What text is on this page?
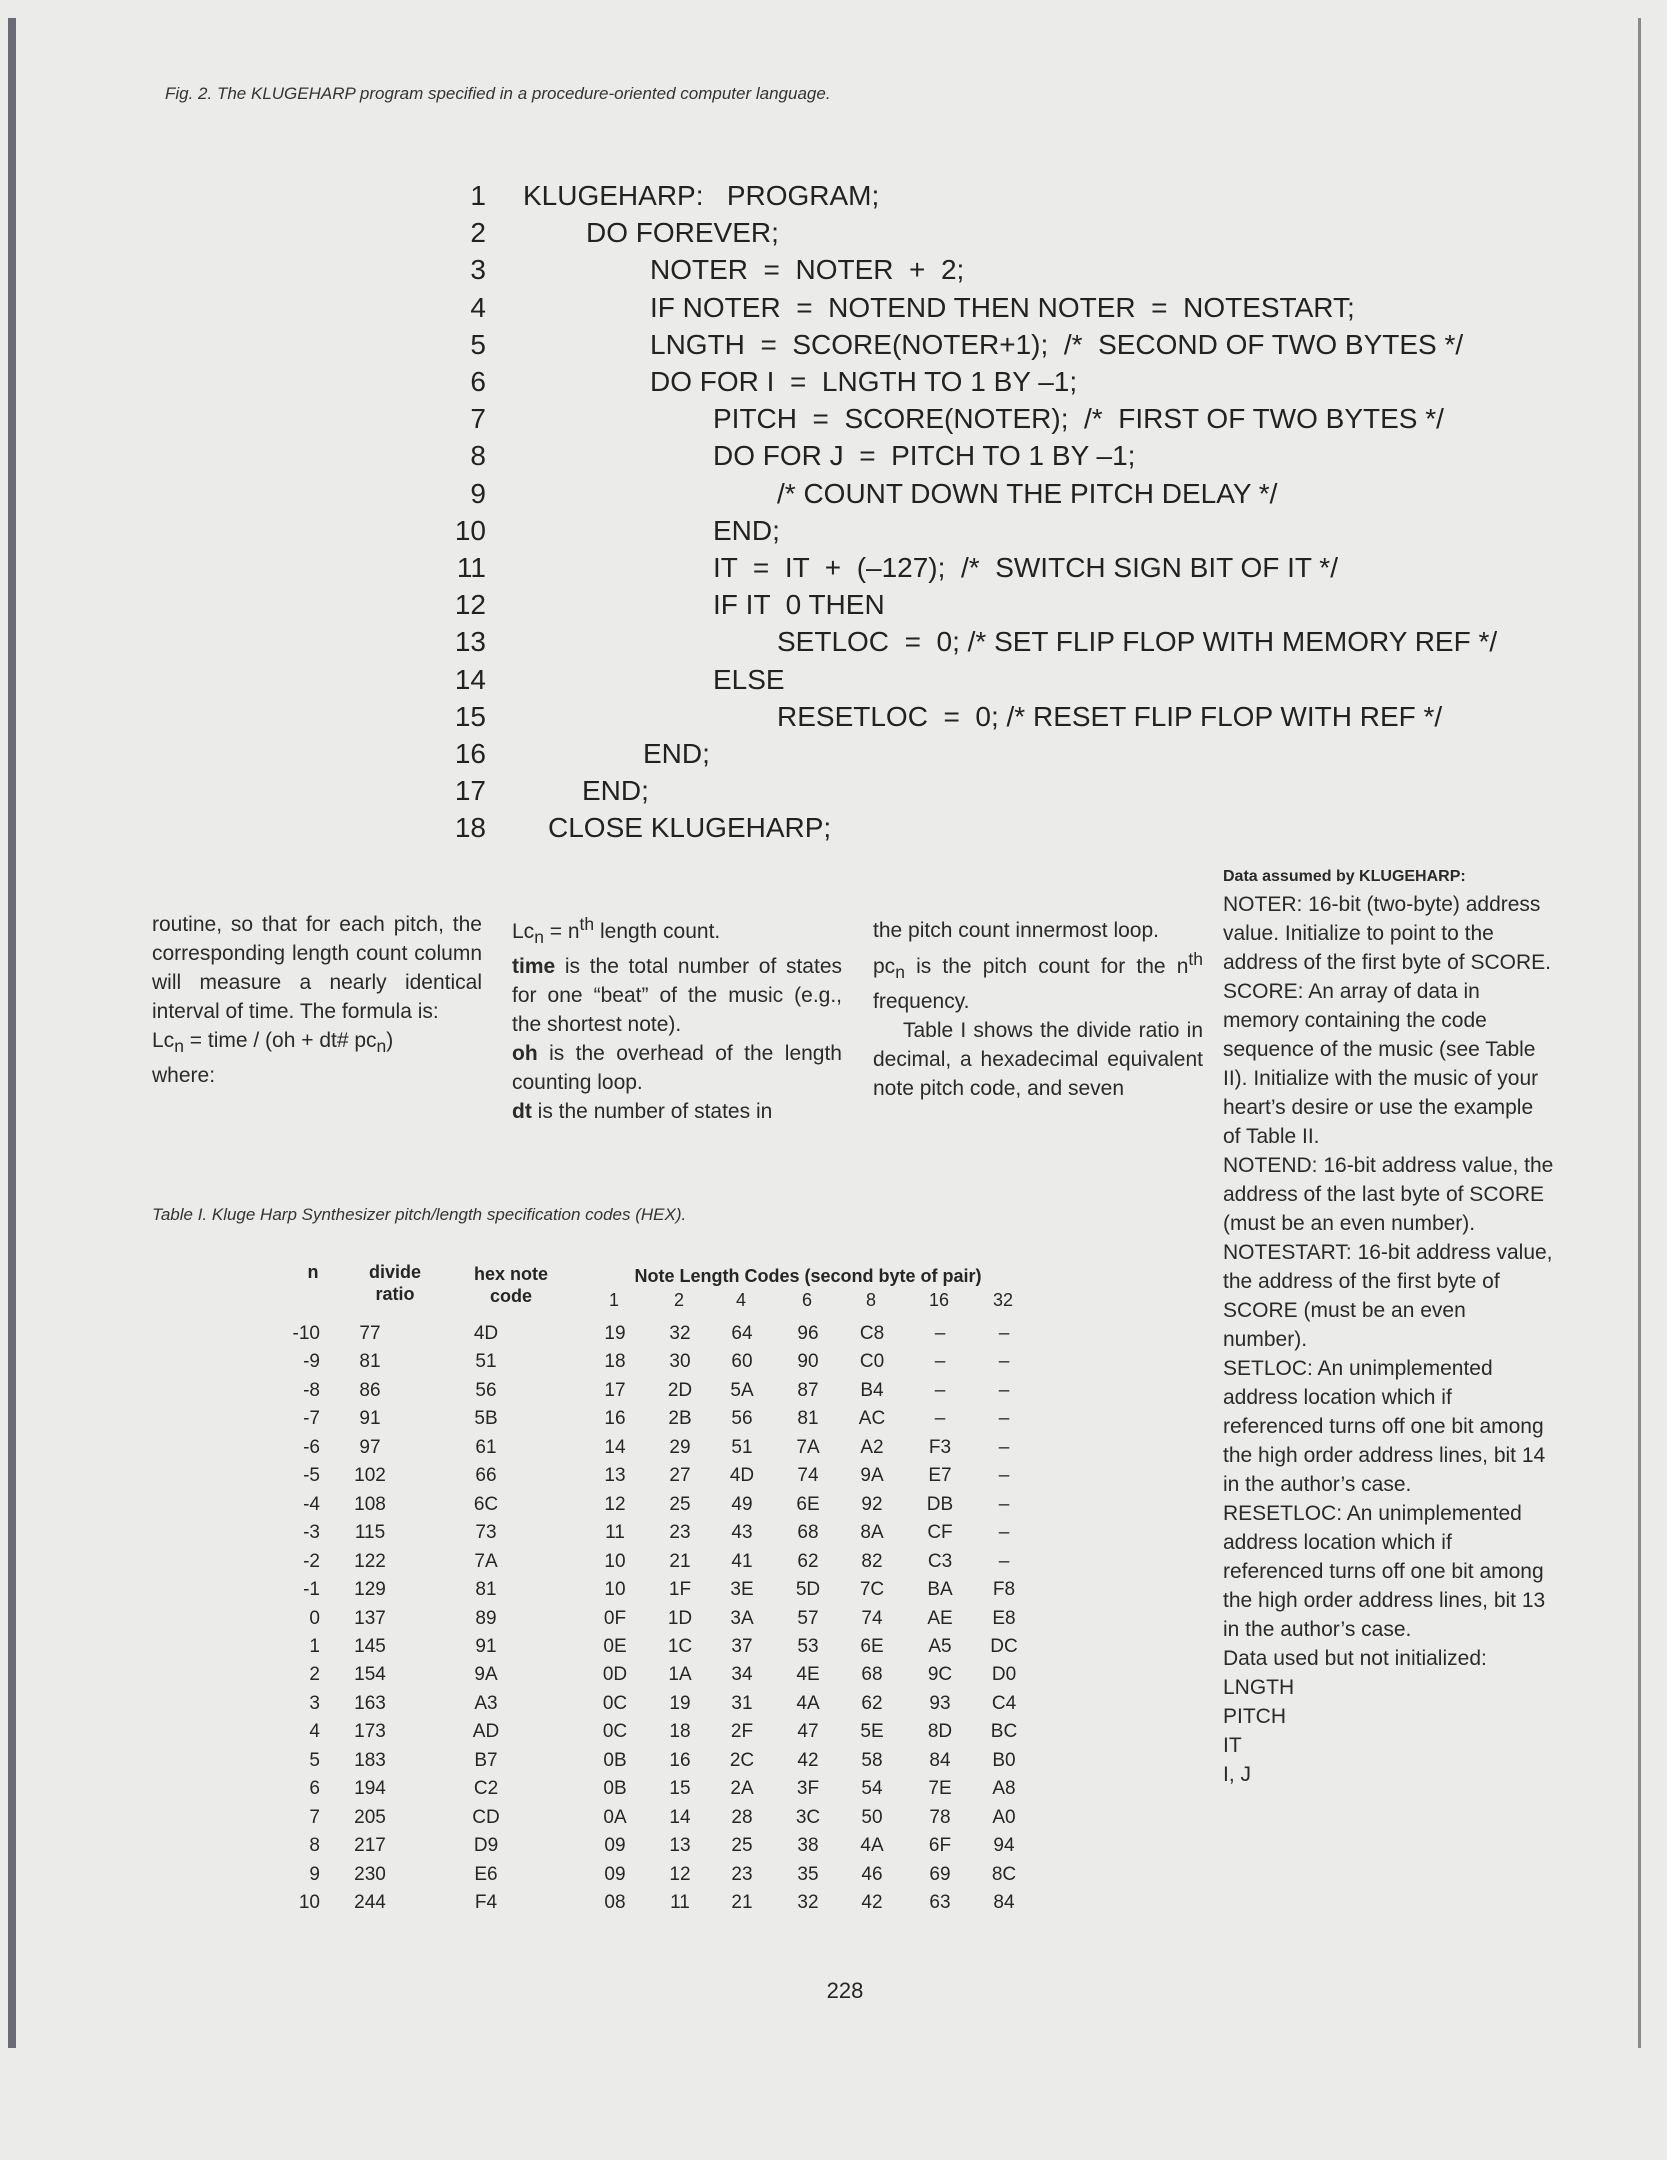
Fig. 2. The KLUGEHARP program specified in a procedure-oriented computer language.
1 KLUGEHARP:   PROGRAM;
2	DO FOREVER;
3	NOTER  =  NOTER  +  2;
4	IF NOTER  =  NOTEND THEN NOTER  =  NOTESTART;
5	LNGTH  =  SCORE(NOTER+1);  /*  SECOND OF TWO BYTES */
6	DO FOR I  =  LNGTH TO 1 BY –1;
7	PITCH  =  SCORE(NOTER);  /*  FIRST OF TWO BYTES */
8	DO FOR J  =  PITCH TO 1 BY –1;
9	/* COUNT DOWN THE PITCH DELAY */
10	END;
11	IT  =  IT  +  (–127);  /*  SWITCH SIGN BIT OF IT */
12	IF IT  0 THEN
13	SETLOC  =  0; /* SET FLIP FLOP WITH MEMORY REF */
14	ELSE
15	RESETLOC  =  0; /* RESET FLIP FLOP WITH REF */
16	END;
17	END;
18 CLOSE KLUGEHARP;

routine, so that for each pitch, the corresponding length count column will measure a nearly identical interval of time. The formula is:

$Lc_n$ = time / (oh + dt# $pc_n$)

where:

$Lc_n = n^{th}$ length count.

time is the total number of states for one “beat” of the music (e.g., the shortest note).

oh is the overhead of the length counting loop.

dt is the number of states in

the pitch count innermost loop.

$pc_n$ is the pitch count for the $n^{th}$ frequency.

Table I shows the divide ratio in decimal, a hexadecimal equivalent note pitch code, and seven

Data assumed by KLUGEHARP:
NOTER: 16-bit (two-byte) address value. Initialize to point to the address of the first byte of SCORE.
SCORE: An array of data in memory containing the code sequence of the music (see Table II). Initialize with the music of your heart’s desire or use the example of Table II.
NOTEND: 16-bit address value, the address of the last byte of SCORE (must be an even number).
NOTESTART: 16-bit address value, the address of the first byte of SCORE (must be an even number).
SETLOC: An unimplemented address location which if referenced turns off one bit among the high order address lines, bit 14 in the author’s case.
RESETLOC: An unimplemented address location which if referenced turns off one bit among the high order address lines, bit 13 in the author’s case.
Data used but not initialized:
LNGTH
PITCH
IT
I, J
Table I. Kluge Harp Synthesizer pitch/length specification codes (HEX).
n	divide
ratio
hex note
code
Note Length Codes (second byte of pair)
1	2	4	6	8	16	32
-10	77	4D	19	32	64	96	C8	–	–
-9	81	51	18	30	60	90	C0	–	–
-8	86	56	17	2D	5A	87	B4	–	–
-7	91	5B	16	2B	56	81	AC	–	–
-6	97	61	14	29	51	7A	A2	F3	–
-5	102	66	13	27	4D	74	9A	E7	–
-4	108	6C	12	25	49	6E	92	DB	–
-3	115	73	11	23	43	68	8A	CF	–
-2	122	7A	10	21	41	62	82	C3	–
-1	129	81	10	1F	3E	5D	7C	BA	F8
0	137	89	0F	1D	3A	57	74	AE	E8
1	145	91	0E	1C	37	53	6E	A5	DC
2	154	9A	0D	1A	34	4E	68	9C	D0
3	163	A3	0C	19	31	4A	62	93	C4
4	173	AD	0C	18	2F	47	5E	8D	BC
5	183	B7	0B	16	2C	42	58	84	B0
6	194	C2	0B	15	2A	3F	54	7E	A8
7	205	CD	0A	14	28	3C	50	78	A0
8	217	D9	09	13	25	38	4A	6F	94
9	230	E6	09	12	23	35	46	69	8C
10	244	F4	08	11	21	32	42	63	84
228
